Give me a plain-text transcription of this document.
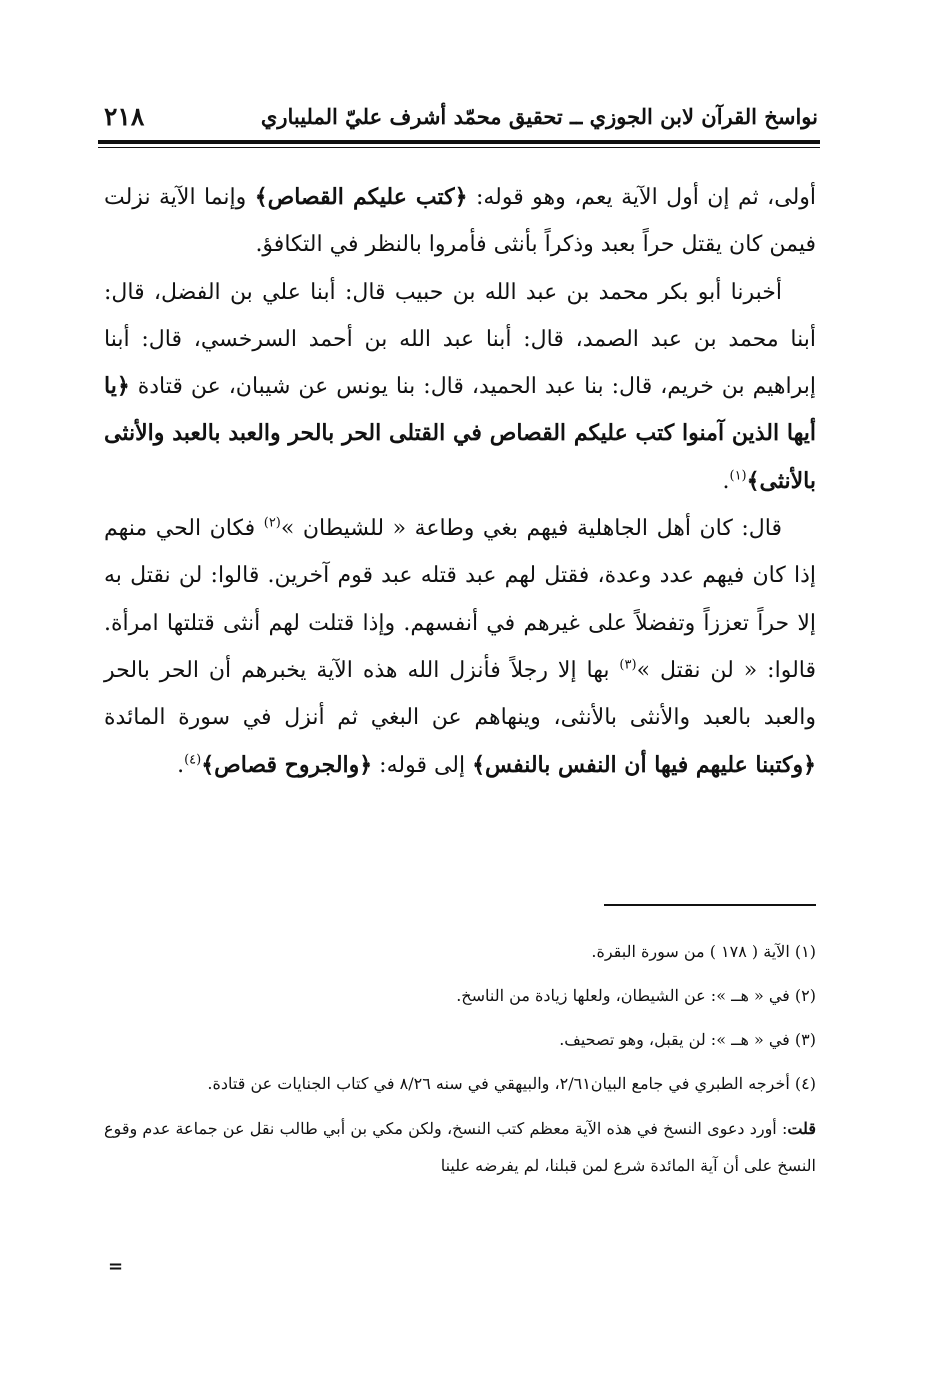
نواسخ القرآن لابن الجوزي ــ تحقيق محمّد أشرف عليّ المليباري
٢١٨

أولى، ثم إن أول الآية يعم، وهو قوله: ﴿كتب عليكم القصاص﴾ وإنما الآية نزلت فيمن كان يقتل حراً بعبد وذكراً بأنثى فأمروا بالنظر في التكافؤ.

أخبرنا أبو بكر محمد بن عبد الله بن حبيب قال: أبنا علي بن الفضل، قال: أبنا محمد بن عبد الصمد، قال: أبنا عبد الله بن أحمد السرخسي، قال: أبنا إبراهيم بن خريم، قال: بنا عبد الحميد، قال: بنا يونس عن شيبان، عن قتادة ﴿يا أيها الذين آمنوا كتب عليكم القصاص في القتلى الحر بالحر والعبد بالعبد والأنثى بالأنثى﴾$^{(١)}$.

قال: كان أهل الجاهلية فيهم بغي وطاعة « للشيطان »$^{(٢)}$ فكان الحي منهم إذا كان فيهم عدد وعدة، فقتل لهم عبد قتله عبد قوم آخرين. قالوا: لن نقتل به إلا حراً تعززاً وتفضلاً على غيرهم في أنفسهم. وإذا قتلت لهم أنثى قتلتها امرأة. قالوا: « لن نقتل »$^{(٣)}$ بها إلا رجلاً فأنزل الله هذه الآية يخبرهم أن الحر بالحر والعبد بالعبد والأنثى بالأنثى، وينهاهم عن البغي ثم أنزل في سورة المائدة ﴿وكتبنا عليهم فيها أن النفس بالنفس﴾ إلى قوله: ﴿والجروح قصاص﴾$^{(٤)}$.

(١) الآية ( ١٧٨ ) من سورة البقرة.
(٢) في « هــ »: عن الشيطان، ولعلها زيادة من الناسخ.
(٣) في « هــ »: لن يقبل، وهو تصحيف.
(٤) أخرجه الطبري في جامع البيان٢/٦١، والبيهقي في سنه ٨/٢٦ في كتاب الجنايات عن قتادة.
قلت: أورد دعوى النسخ في هذه الآية معظم كتب النسخ، ولكن مكي بن أبي طالب نقل عن جماعة عدم وقوع النسخ على أن آية المائدة شرع لمن قبلنا، لم يفرضه علينا
=
